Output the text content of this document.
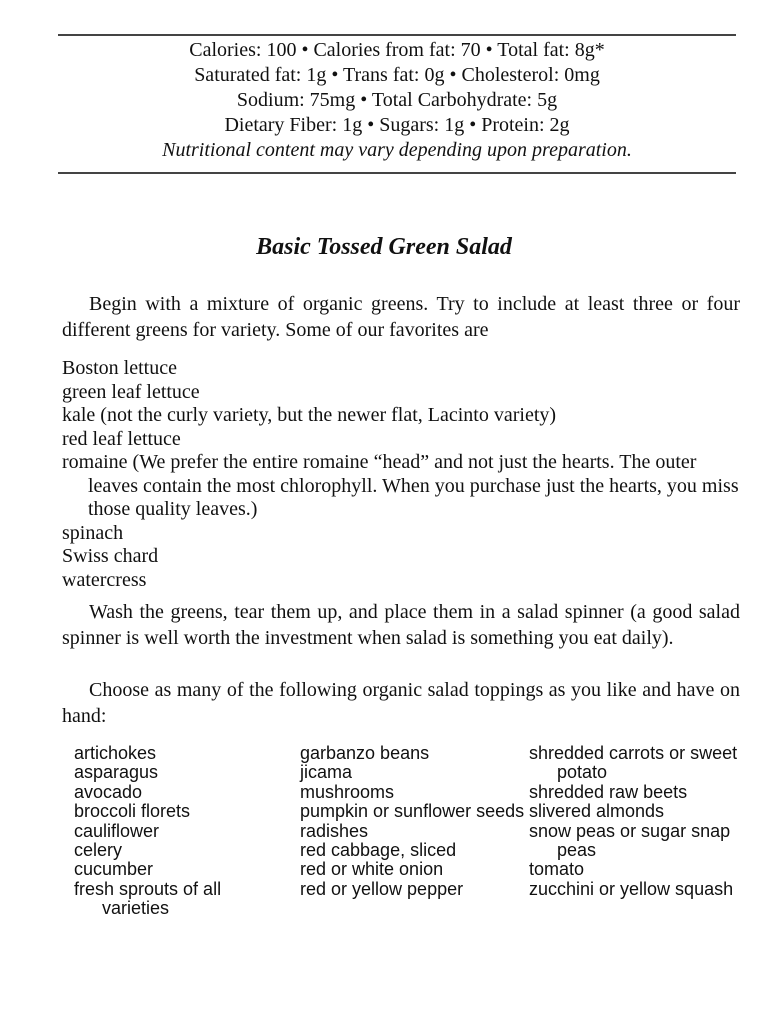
Calories: 100 • Calories from fat: 70 • Total fat: 8g*
Saturated fat: 1g • Trans fat: 0g • Cholesterol: 0mg
Sodium: 75mg • Total Carbohydrate: 5g
Dietary Fiber: 1g • Sugars: 1g • Protein: 2g
Nutritional content may vary depending upon preparation.
Basic Tossed Green Salad
Begin with a mixture of organic greens. Try to include at least three or four different greens for variety. Some of our favorites are
Boston lettuce
green leaf lettuce
kale (not the curly variety, but the newer flat, Lacinto variety)
red leaf lettuce
romaine (We prefer the entire romaine “head” and not just the hearts. The outer leaves contain the most chlorophyll. When you purchase just the hearts, you miss those quality leaves.)
spinach
Swiss chard
watercress
Wash the greens, tear them up, and place them in a salad spinner (a good salad spinner is well worth the investment when salad is something you eat daily).
Choose as many of the following organic salad toppings as you like and have on hand:
artichokes
asparagus
avocado
broccoli florets
cauliflower
celery
cucumber
fresh sprouts of all varieties
garbanzo beans
jicama
mushrooms
pumpkin or sunflower seeds
radishes
red cabbage, sliced
red or white onion
red or yellow pepper
shredded carrots or sweet potato
shredded raw beets
slivered almonds
snow peas or sugar snap peas
tomato
zucchini or yellow squash
